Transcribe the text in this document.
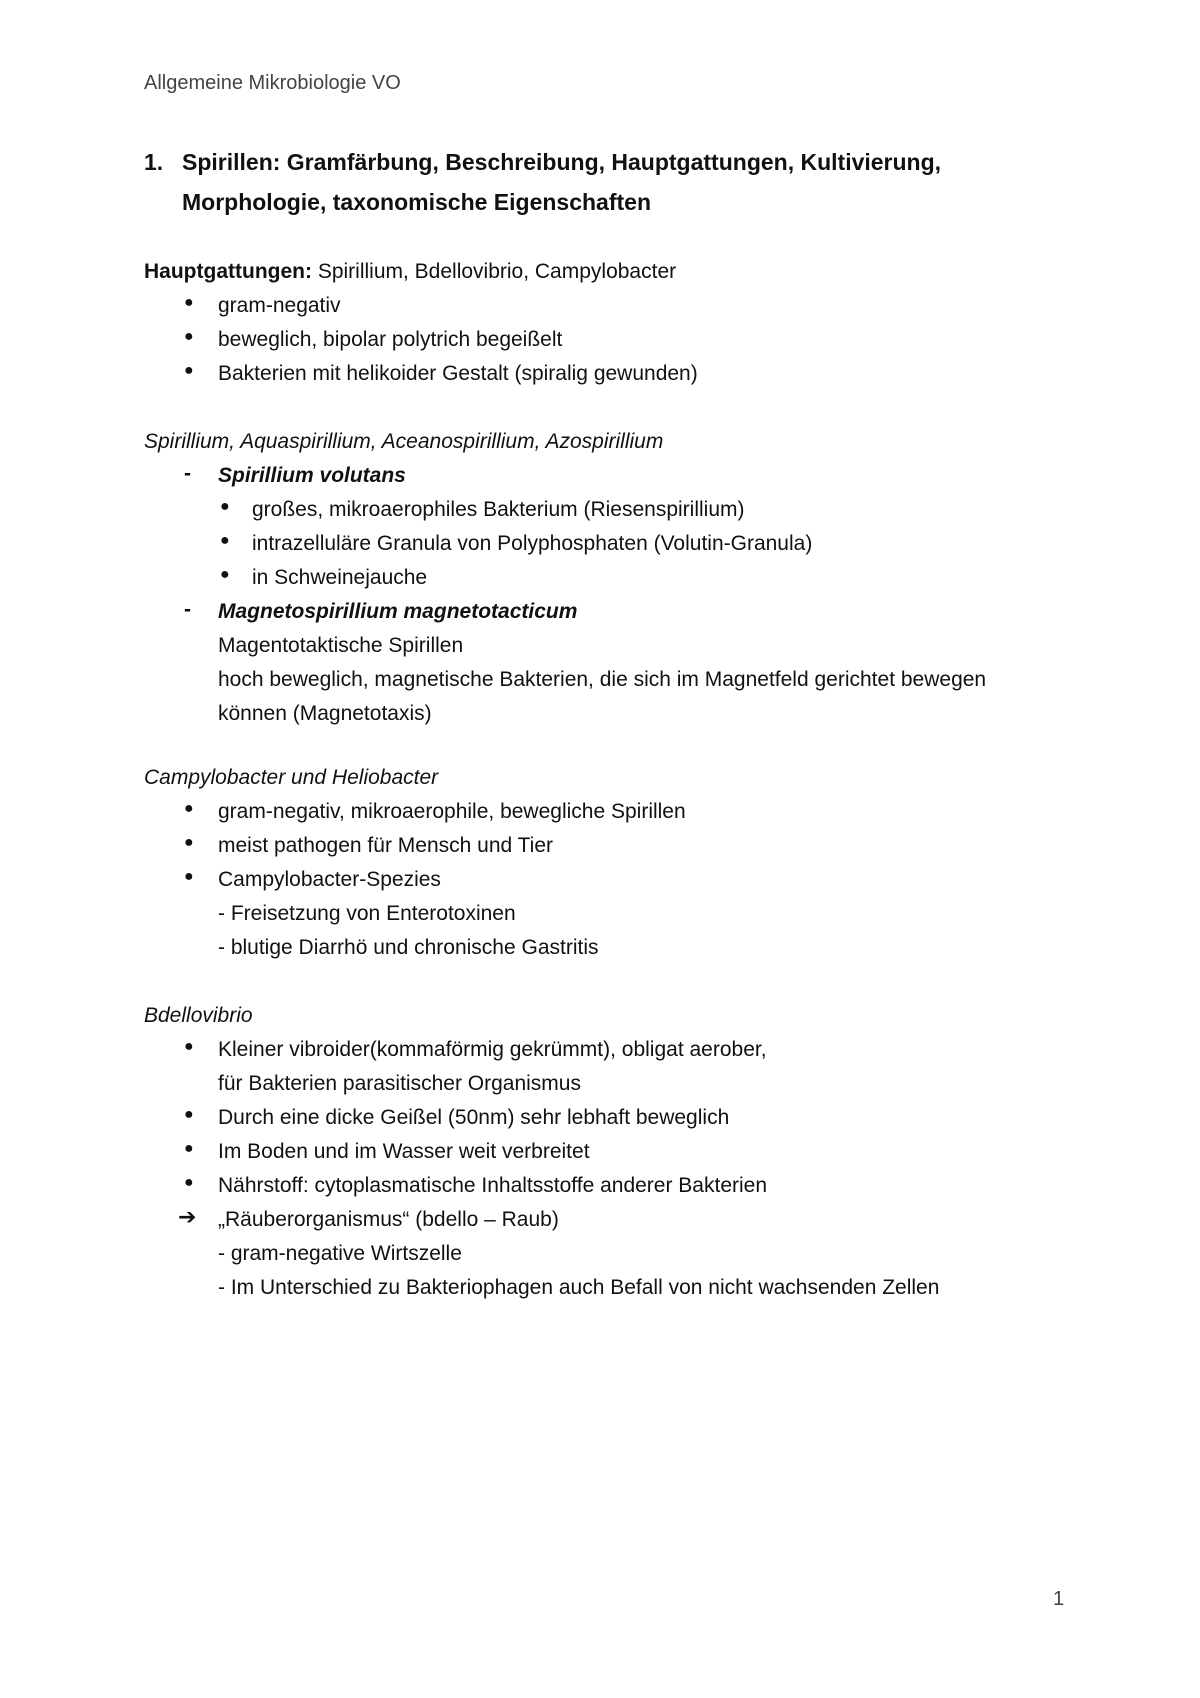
Allgemeine Mikrobiologie VO
1. Spirillen: Gramfärbung, Beschreibung, Hauptgattungen, Kultivierung,
Morphologie, taxonomische Eigenschaften
Hauptgattungen: Spirillium, Bdellovibrio, Campylobacter
● gram-negativ
● beweglich, bipolar polytrich begeißelt
● Bakterien mit helikoider Gestalt (spiralig gewunden)
Spirillium, Aquaspirillium, Aceanospirillium, Azospirillium
- Spirillium volutans
● großes, mikroaerophiles Bakterium (Riesenspirillium)
● intrazelluläre Granula von Polyphosphaten (Volutin-Granula)
● in Schweinejauche
- Magnetospirillium magnetotacticum
Magentotaktische Spirillen
hoch beweglich, magnetische Bakterien, die sich im Magnetfeld gerichtet bewegen
können (Magnetotaxis)
Campylobacter und Heliobacter
● gram-negativ, mikroaerophile, bewegliche Spirillen
● meist pathogen für Mensch und Tier
● Campylobacter-Spezies
- Freisetzung von Enterotoxinen
- blutige Diarrhö und chronische Gastritis
Bdellovibrio
● Kleiner vibroider(kommaförmig gekrümmt), obligat aerober,
für Bakterien parasitischer Organismus
● Durch eine dicke Geißel (50nm) sehr lebhaft beweglich
● Im Boden und im Wasser weit verbreitet
● Nährstoff: cytoplasmatische Inhaltsstoffe anderer Bakterien
➔ „Räuberorganismus“ (bdello – Raub)
- gram-negative Wirtszelle
- Im Unterschied zu Bakteriophagen auch Befall von nicht wachsenden Zellen
1
